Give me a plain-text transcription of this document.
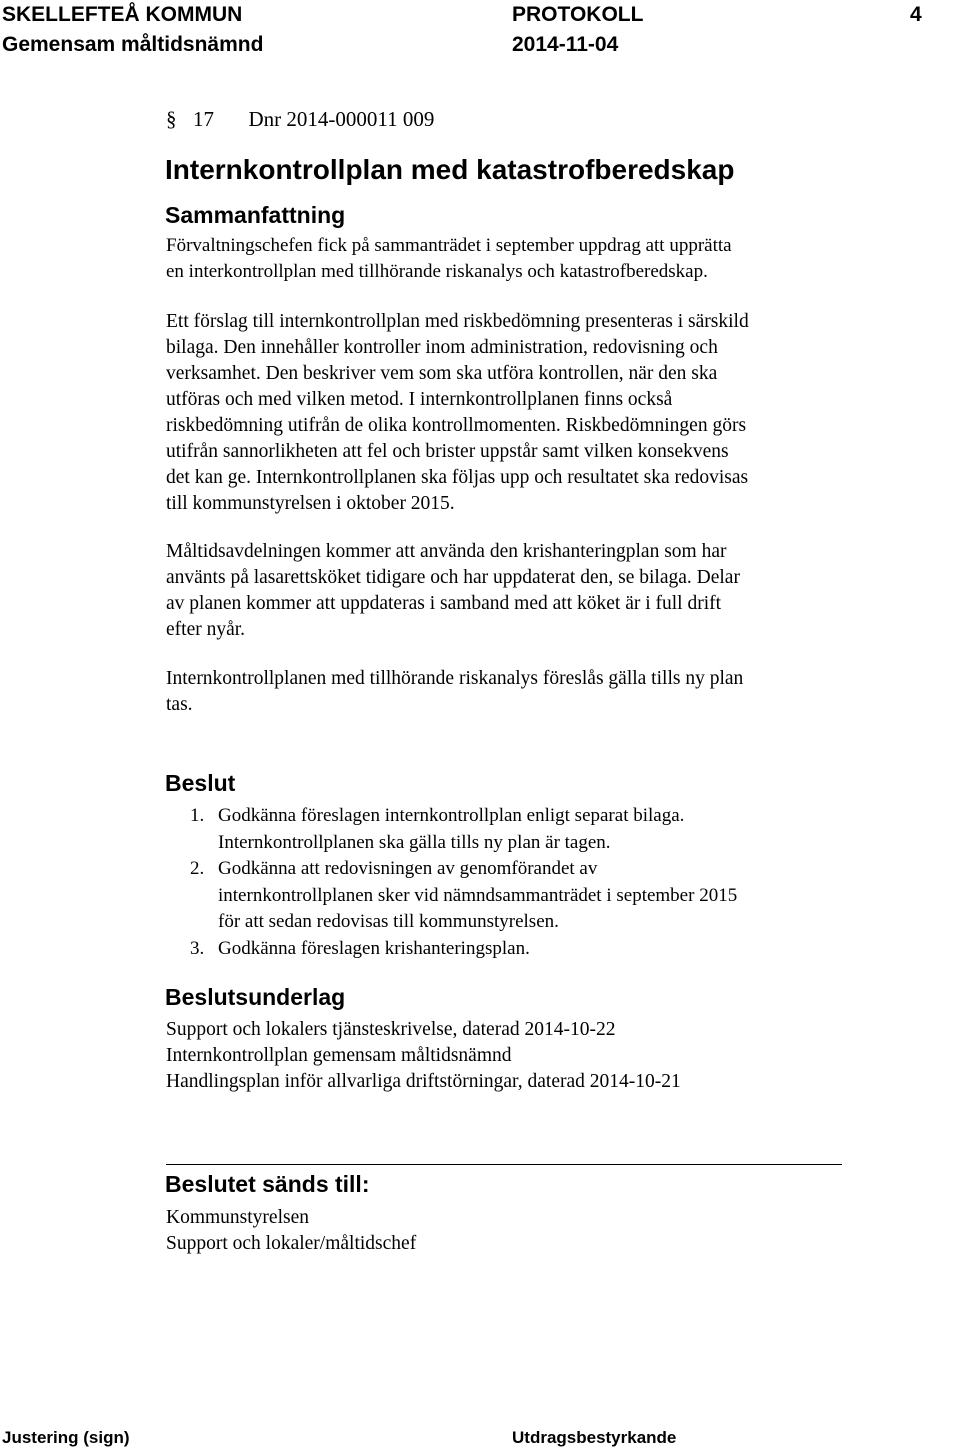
SKELLEFTEÅ KOMMUN
Gemensam måltidsnämnd
PROTOKOLL
2014-11-04
4
§ 17 Dnr 2014-000011 009
Internkontrollplan med katastrofberedskap
Sammanfattning
Förvaltningschefen fick på sammanträdet i september uppdrag att upprätta
en interkontrollplan med tillhörande riskanalys och katastrofberedskap.
Ett förslag till internkontrollplan med riskbedömning presenteras i särskild
bilaga. Den innehåller kontroller inom administration, redovisning och
verksamhet. Den beskriver vem som ska utföra kontrollen, när den ska
utföras och med vilken metod. I internkontrollplanen finns också
riskbedömning utifrån de olika kontrollmomenten. Riskbedömningen görs
utifrån sannorlikheten att fel och brister uppstår samt vilken konsekvens
det kan ge. Internkontrollplanen ska följas upp och resultatet ska redovisas
till kommunstyrelsen i oktober 2015.
Måltidsavdelningen kommer att använda den krishanteringplan som har
använts på lasarettsköket tidigare och har uppdaterat den, se bilaga. Delar
av planen kommer att uppdateras i samband med att köket är i full drift
efter nyår.
Internkontrollplanen med tillhörande riskanalys föreslås gälla tills ny plan
tas.
Beslut
1. Godkänna föreslagen internkontrollplan enligt separat bilaga.
Internkontrollplanen ska gälla tills ny plan är tagen.
2. Godkänna att redovisningen av genomförandet av
internkontrollplanen sker vid nämndsammanträdet i september 2015
för att sedan redovisas till kommunstyrelsen.
3. Godkänna föreslagen krishanteringsplan.
Beslutsunderlag
Support och lokalers tjänsteskrivelse, daterad 2014-10-22
Internkontrollplan gemensam måltidsnämnd
Handlingsplan inför allvarliga driftstörningar, daterad 2014-10-21
Beslutet sänds till:
Kommunstyrelsen
Support och lokaler/måltidschef
Justering (sign)	Utdragsbestyrkande
